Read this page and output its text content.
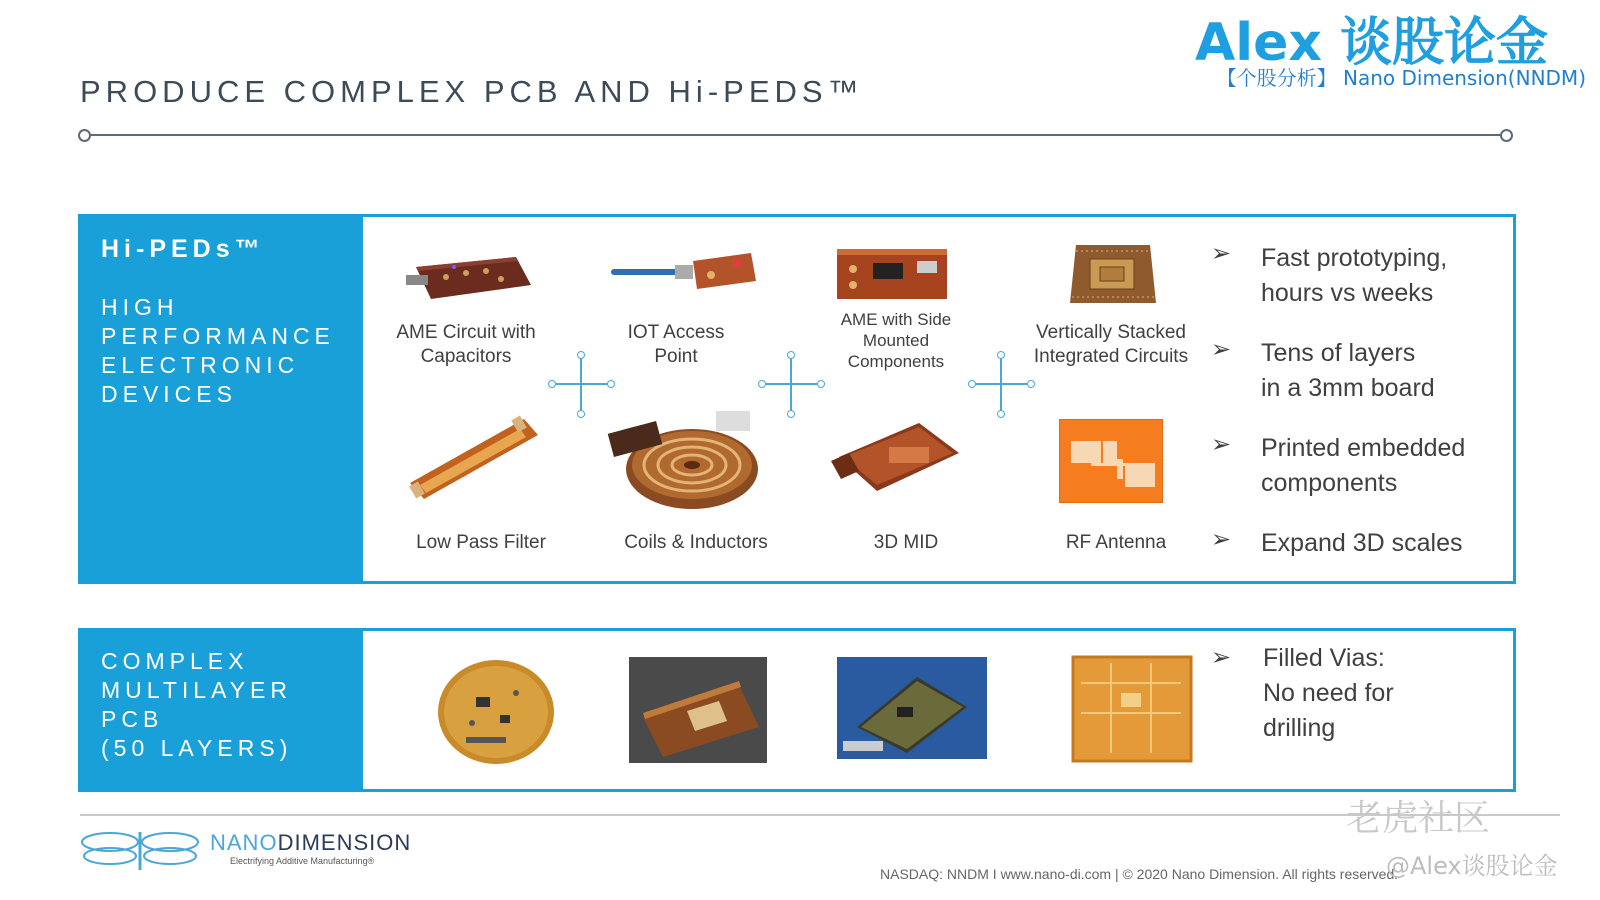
PRODUCE COMPLEX PCB AND Hi-PEDS™
Alex 谈股论金
【个股分析】 Nano Dimension(NNDM)
Hi-PEDs™
HIGH
PERFORMANCE
ELECTRONIC
DEVICES
AME Circuit with
Capacitors
IOT Access
Point
AME with Side
Mounted
Components
Vertically Stacked
Integrated Circuits
Low Pass Filter	Coils & Inductors	3D MID	RF Antenna
➢ Fast prototyping,
hours vs weeks
➢ Tens of layers
in a 3mm board
➢ Printed embedded
components
➢ Expand 3D scales
COMPLEX
MULTILAYER
PCB
(50 LAYERS)
➢ Filled Vias:
No need for
drilling
NANODIMENSION
Electrifying Additive Manufacturing®
NASDAQ: NNDM I www.nano-di.com | © 2020 Nano Dimension. All rights reserved.
老虎社区
@Alex谈股论金
